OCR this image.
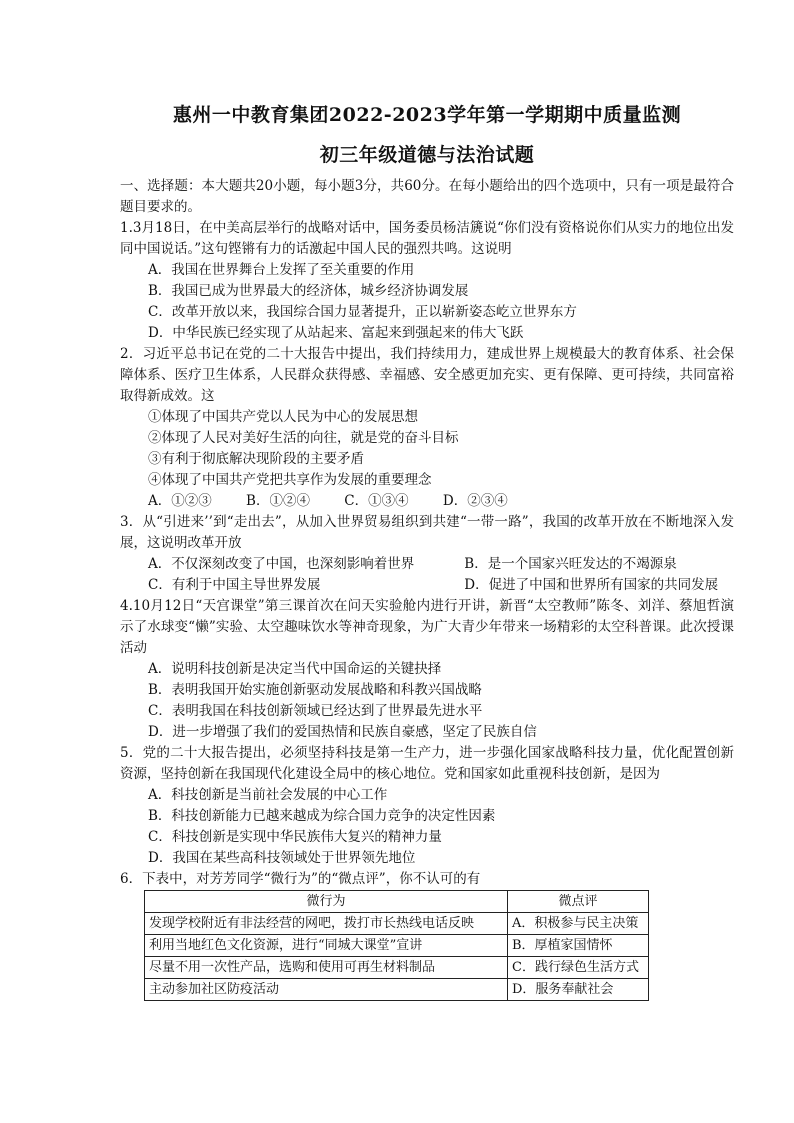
惠州一中教育集团2022-2023学年第一学期期中质量监测
初三年级道德与法治试题

一、选择题：本大题共20小题，每小题3分，共60分。在每小题给出的四个选项中，只有一项是最符合题目要求的。

1.3月18日，在中美高层举行的战略对话中，国务委员杨洁篪说“你们没有资格说你们从实力的地位出发同中国说话。”这句铿锵有力的话激起中国人民的强烈共鸣。这说明

A．我国在世界舞台上发挥了至关重要的作用

B．我国已成为世界最大的经济体，城乡经济协调发展

C．改革开放以来，我国综合国力显著提升，正以崭新姿态屹立世界东方

D．中华民族已经实现了从站起来、富起来到强起来的伟大飞跃

2．习近平总书记在党的二十大报告中提出，我们持续用力，建成世界上规模最大的教育体系、社会保障体系、医疗卫生体系，人民群众获得感、幸福感、安全感更加充实、更有保障、更可持续，共同富裕取得新成效。这

①体现了中国共产党以人民为中心的发展思想

②体现了人民对美好生活的向往，就是党的奋斗目标

③有利于彻底解决现阶段的主要矛盾

④体现了中国共产党把共享作为发展的重要理念

A．①②③	B．①②④	C．①③④	D．②③④

3．从“引进来’’到“走出去”，从加入世界贸易组织到共建“一带一路”，我国的改革开放在不断地深入发展，这说明改革开放

A．不仅深刻改变了中国，也深刻影响着世界	B．是一个国家兴旺发达的不竭源泉

C．有利于中国主导世界发展	D．促进了中国和世界所有国家的共同发展

4.10月12日“天宫课堂”第三课首次在问天实验舱内进行开讲，新晋“太空教师”陈冬、刘洋、蔡旭哲演示了水球变“懒”实验、太空趣味饮水等神奇现象，为广大青少年带来一场精彩的太空科普课。此次授课活动

A．说明科技创新是决定当代中国命运的关键抉择

B．表明我国开始实施创新驱动发展战略和科教兴国战略

C．表明我国在科技创新领域已经达到了世界最先进水平

D．进一步增强了我们的爱国热情和民族自豪感，坚定了民族自信

5．党的二十大报告提出，必须坚持科技是第一生产力，进一步强化国家战略科技力量，优化配置创新资源，坚持创新在我国现代化建设全局中的核心地位。党和国家如此重视科技创新，是因为

A．科技创新是当前社会发展的中心工作

B．科技创新能力已越来越成为综合国力竞争的决定性因素

C．科技创新是实现中华民族伟大复兴的精神力量

D．我国在某些高科技领域处于世界领先地位

6．下表中，对芳芳同学“微行为”的“微点评”，你不认可的有

微行为	微点评
发现学校附近有非法经营的网吧，拨打市长热线电话反映	A．积极参与民主决策
利用当地红色文化资源，进行“同城大课堂”宣讲	B．厚植家国情怀
尽量不用一次性产品，选购和使用可再生材料制品	C．践行绿色生活方式
主动参加社区防疫活动	D．服务奉献社会
